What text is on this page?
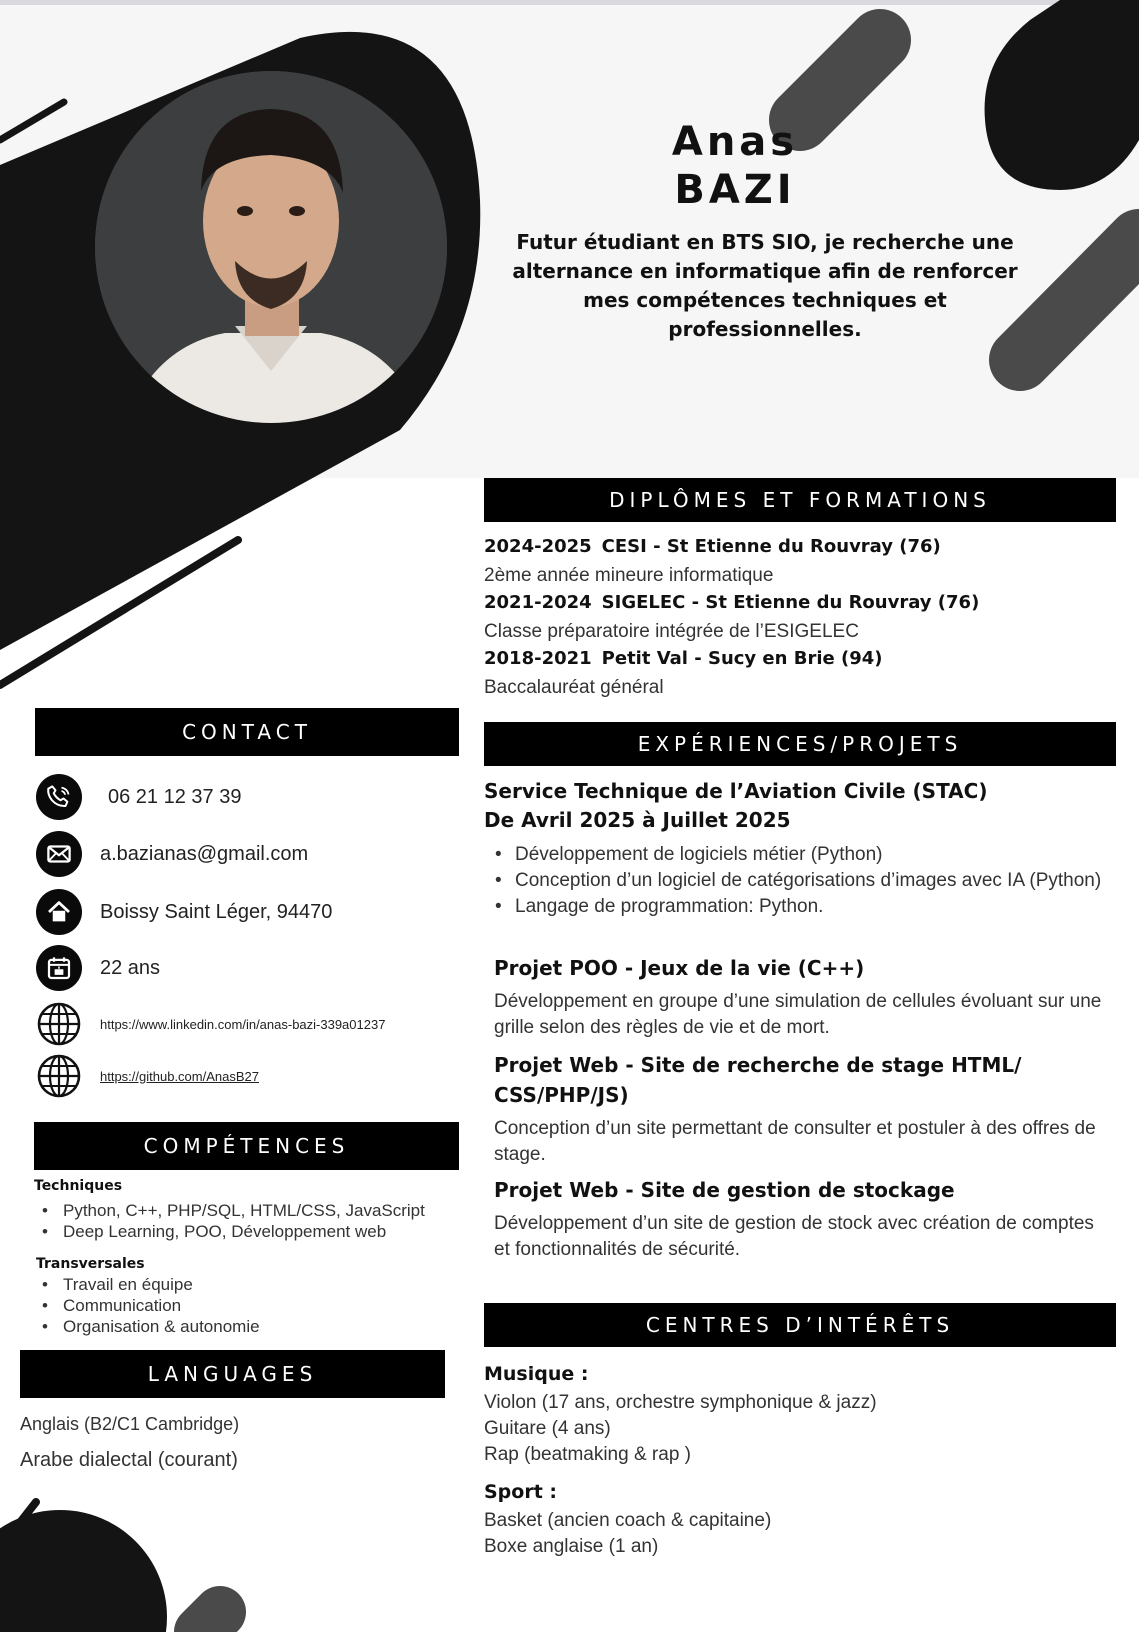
Anas
BAZI
Futur étudiant en BTS SIO, je recherche une alternance en informatique afin de renforcer mes compétences techniques et professionnelles.
DIPLÔMES ET FORMATIONS
2024-2025 CESI - St Etienne du Rouvray (76)
2ème année mineure informatique
2021-2024 SIGELEC - St Etienne du Rouvray (76)
Classe préparatoire intégrée de l’ESIGELEC
2018-2021 Petit Val - Sucy en Brie (94)
Baccalauréat général
EXPÉRIENCES/PROJETS
Service Technique de l’Aviation Civile (STAC)
De Avril 2025 à Juillet 2025
• Développement de logiciels métier (Python)
• Conception d’un logiciel de catégorisations d’images avec IA (Python)
• Langage de programmation: Python.
Projet POO - Jeux de la vie (C++)
Développement en groupe d’une simulation de cellules évoluant sur une grille selon des règles de vie et de mort.
Projet Web - Site de recherche de stage HTML/ CSS/PHP/JS)
Conception d’un site permettant de consulter et postuler à des offres de stage.
Projet Web - Site de gestion de stockage
Développement d’un site de gestion de stock avec création de comptes et fonctionnalités de sécurité.
CENTRES D’INTÉRÊTS
Musique :
Violon (17 ans, orchestre symphonique & jazz)
Guitare (4 ans)
Rap (beatmaking & rap )
Sport :
Basket (ancien coach & capitaine)
Boxe anglaise (1 an)
CONTACT
06 21 12 37 39
a.bazianas@gmail.com
Boissy Saint Léger, 94470
22 ans
https://www.linkedin.com/in/anas-bazi-339a01237
https://github.com/AnasB27
COMPÉTENCES
Techniques
• Python, C++, PHP/SQL, HTML/CSS, JavaScript
• Deep Learning, POO, Développement web
Transversales
• Travail en équipe
• Communication
• Organisation & autonomie
LANGUAGES
Anglais (B2/C1 Cambridge)
Arabe dialectal (courant)
